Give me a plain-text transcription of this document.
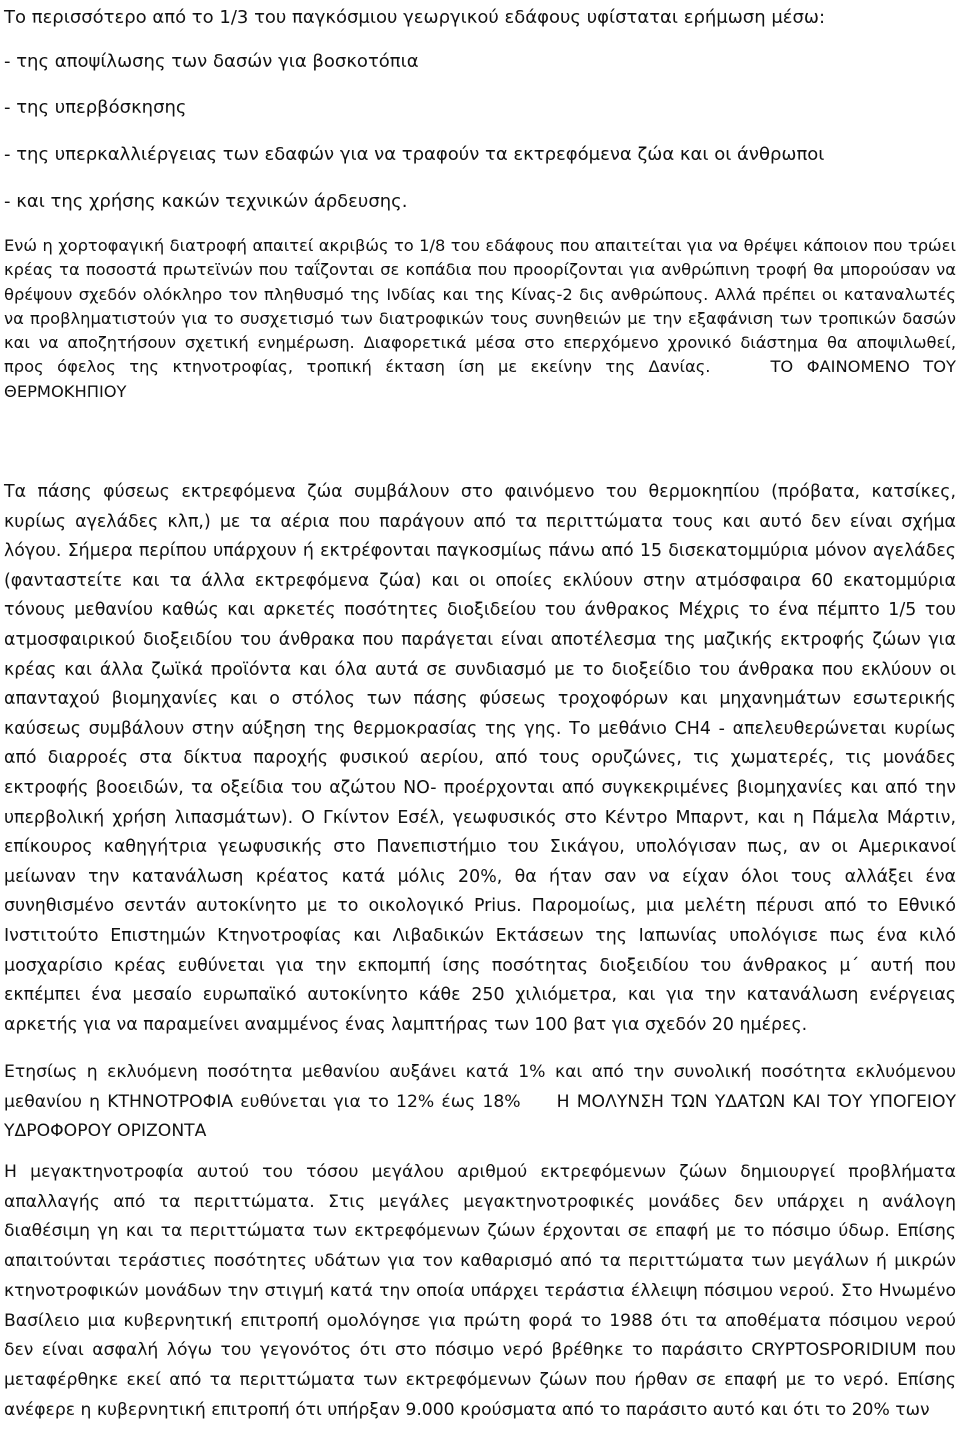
Το περισσότερο από το 1/3 του παγκόσμιου γεωργικού εδάφους υφίσταται ερήμωση μέσω:
- της αποψίλωσης των δασών για βοσκοτόπια
- της υπερβόσκησης
- της υπερκαλλιέργειας των εδαφών για να τραφούν τα εκτρεφόμενα ζώα και οι άνθρωποι
- και της χρήσης κακών τεχνικών άρδευσης.

Ενώ η χορτοφαγική διατροφή απαιτεί ακριβώς το 1/8 του εδάφους που απαιτείται για να θρέψει κάποιον που τρώει κρέας τα ποσοστά πρωτεϊνών που ταΐζονται σε κοπάδια που προορίζονται για ανθρώπινη τροφή θα μπορούσαν να θρέψουν σχεδόν ολόκληρο τον πληθυσμό της Ινδίας και της Κίνας-2 δις ανθρώπους. Αλλά πρέπει οι καταναλωτές να προβληματιστούν για το συσχετισμό των διατροφικών τους συνηθειών με την εξαφάνιση των τροπικών δασών και να αποζητήσουν σχετική ενημέρωση. Διαφορετικά μέσα στο επερχόμενο χρονικό διάστημα θα αποψιλωθεί, προς όφελος της κτηνοτροφίας, τροπική έκταση ίση με εκείνην της Δανίας.	ΤΟ ΦΑΙΝΟΜΕΝΟ ΤΟΥ ΘΕΡΜΟΚΗΠΙΟΥ

Τα πάσης φύσεως εκτρεφόμενα ζώα συμβάλουν στο φαινόμενο του θερμοκηπίου (πρόβατα, κατσίκες, κυρίως αγελάδες κλπ,) με τα αέρια που παράγουν από τα περιττώματα τους και αυτό δεν είναι σχήμα λόγου. Σήμερα περίπου υπάρχουν ή εκτρέφονται παγκοσμίως πάνω από 15 δισεκατομμύρια μόνον αγελάδες (φανταστείτε και τα άλλα εκτρεφόμενα ζώα) και οι οποίες εκλύουν στην ατμόσφαιρα 60 εκατομμύρια τόνους μεθανίου καθώς και αρκετές ποσότητες διοξιδείου του άνθρακος Μέχρις το ένα πέμπτο 1/5 του ατμοσφαιρικού διοξειδίου του άνθρακα που παράγεται είναι αποτέλεσμα της μαζικής εκτροφής ζώων για κρέας και άλλα ζωϊκά προϊόντα και όλα αυτά σε συνδιασμό με το διοξείδιο του άνθρακα που εκλύουν οι απανταχού βιομηχανίες και ο στόλος των πάσης φύσεως τροχοφόρων και μηχανημάτων εσωτερικής καύσεως συμβάλουν στην αύξηση της θερμοκρασίας της γης. Το μεθάνιο CH4 - απελευθερώνεται κυρίως από διαρροές στα δίκτυα παροχής φυσικού αερίου, από τους ορυζώνες, τις χωματερές, τις μονάδες εκτροφής βοοειδών, τα οξείδια του αζώτου NO- προέρχονται από συγκεκριμένες βιομηχανίες και από την υπερβολική χρήση λιπασμάτων). Ο Γκίντον Εσέλ, γεωφυσικός στο Κέντρο Μπαρντ, και η Πάμελα Μάρτιν, επίκουρος καθηγήτρια γεωφυσικής στο Πανεπιστήμιο του Σικάγου, υπολόγισαν πως, αν οι Αμερικανοί μείωναν την κατανάλωση κρέατος κατά μόλις 20%, θα ήταν σαν να είχαν όλοι τους αλλάξει ένα συνηθισμένο σεντάν αυτοκίνητο με το οικολογικό Prius. Παρομοίως, μια μελέτη πέρυσι από το Εθνικό Ινστιτούτο Επιστημών Κτηνοτροφίας και Λιβαδικών Εκτάσεων της Ιαπωνίας υπολόγισε πως ένα κιλό μοσχαρίσιο κρέας ευθύνεται για την εκπομπή ίσης ποσότητας διοξειδίου του άνθρακος μ΄ αυτή που εκπέμπει ένα μεσαίο ευρωπαϊκό αυτοκίνητο κάθε 250 χιλιόμετρα, και για την κατανάλωση ενέργειας αρκετής για να παραμείνει αναμμένος ένας λαμπτήρας των 100 βατ για σχεδόν 20 ημέρες.

Ετησίως η εκλυόμενη ποσότητα μεθανίου αυξάνει κατά 1% και από την συνολική ποσότητα εκλυόμενου μεθανίου η ΚΤΗΝΟΤΡΟΦΙΑ ευθύνεται για το 12% έως 18% Η ΜΟΛΥΝΣΗ ΤΩΝ ΥΔΑΤΩΝ ΚΑΙ ΤΟΥ ΥΠΟΓΕΙΟΥ ΥΔΡΟΦΟΡΟΥ ΟΡΙΖΟΝΤΑ

Η μεγακτηνοτροφία αυτού του τόσου μεγάλου αριθμού εκτρεφόμενων ζώων δημιουργεί προβλήματα απαλλαγής από τα περιττώματα. Στις μεγάλες μεγακτηνοτροφικές μονάδες δεν υπάρχει η ανάλογη διαθέσιμη γη και τα περιττώματα των εκτρεφόμενων ζώων έρχονται σε επαφή με το πόσιμο ύδωρ. Επίσης απαιτούνται τεράστιες ποσότητες υδάτων για τον καθαρισμό από τα περιττώματα των μεγάλων ή μικρών κτηνοτροφικών μονάδων την στιγμή κατά την οποία υπάρχει τεράστια έλλειψη πόσιμου νερού. Στο Ηνωμένο Βασίλειο μια κυβερνητική επιτροπή ομολόγησε για πρώτη φορά το 1988 ότι τα αποθέματα πόσιμου νερού δεν είναι ασφαλή λόγω του γεγονότος ότι στο πόσιμο νερό βρέθηκε το παράσιτο CRYPTOSPORIDIUM που μεταφέρθηκε εκεί από τα περιττώματα των εκτρεφόμενων ζώων που ήρθαν σε επαφή με το νερό. Επίσης ανέφερε η κυβερνητική επιτροπή ότι υπήρξαν 9.000 κρούσματα από το παράσιτο αυτό και ότι το 20% των
